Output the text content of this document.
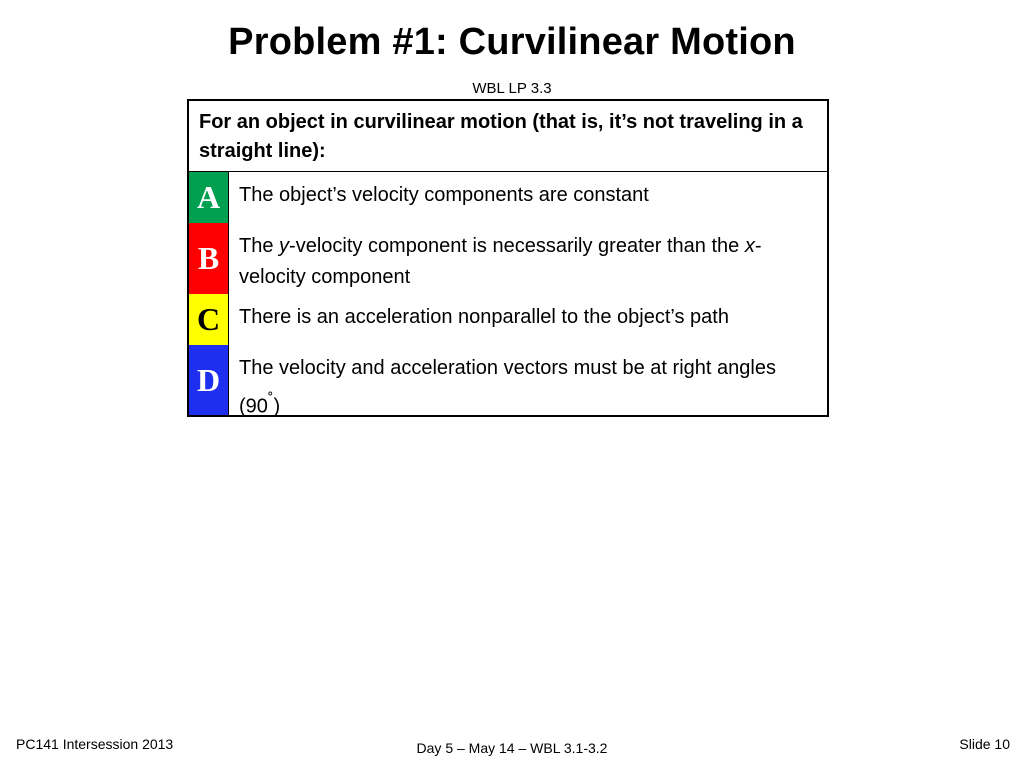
Problem #1: Curvilinear Motion
WBL LP 3.3
For an object in curvilinear motion (that is, it’s not traveling in a straight line):
A The object’s velocity components are constant
B The y-velocity component is necessarily greater than the x-velocity component
C There is an acceleration nonparallel to the object’s path
D The velocity and acceleration vectors must be at right angles (90˚)
PC141 Intersession 2013	Day 5 – May 14 – WBL 3.1-3.2	Slide 10
